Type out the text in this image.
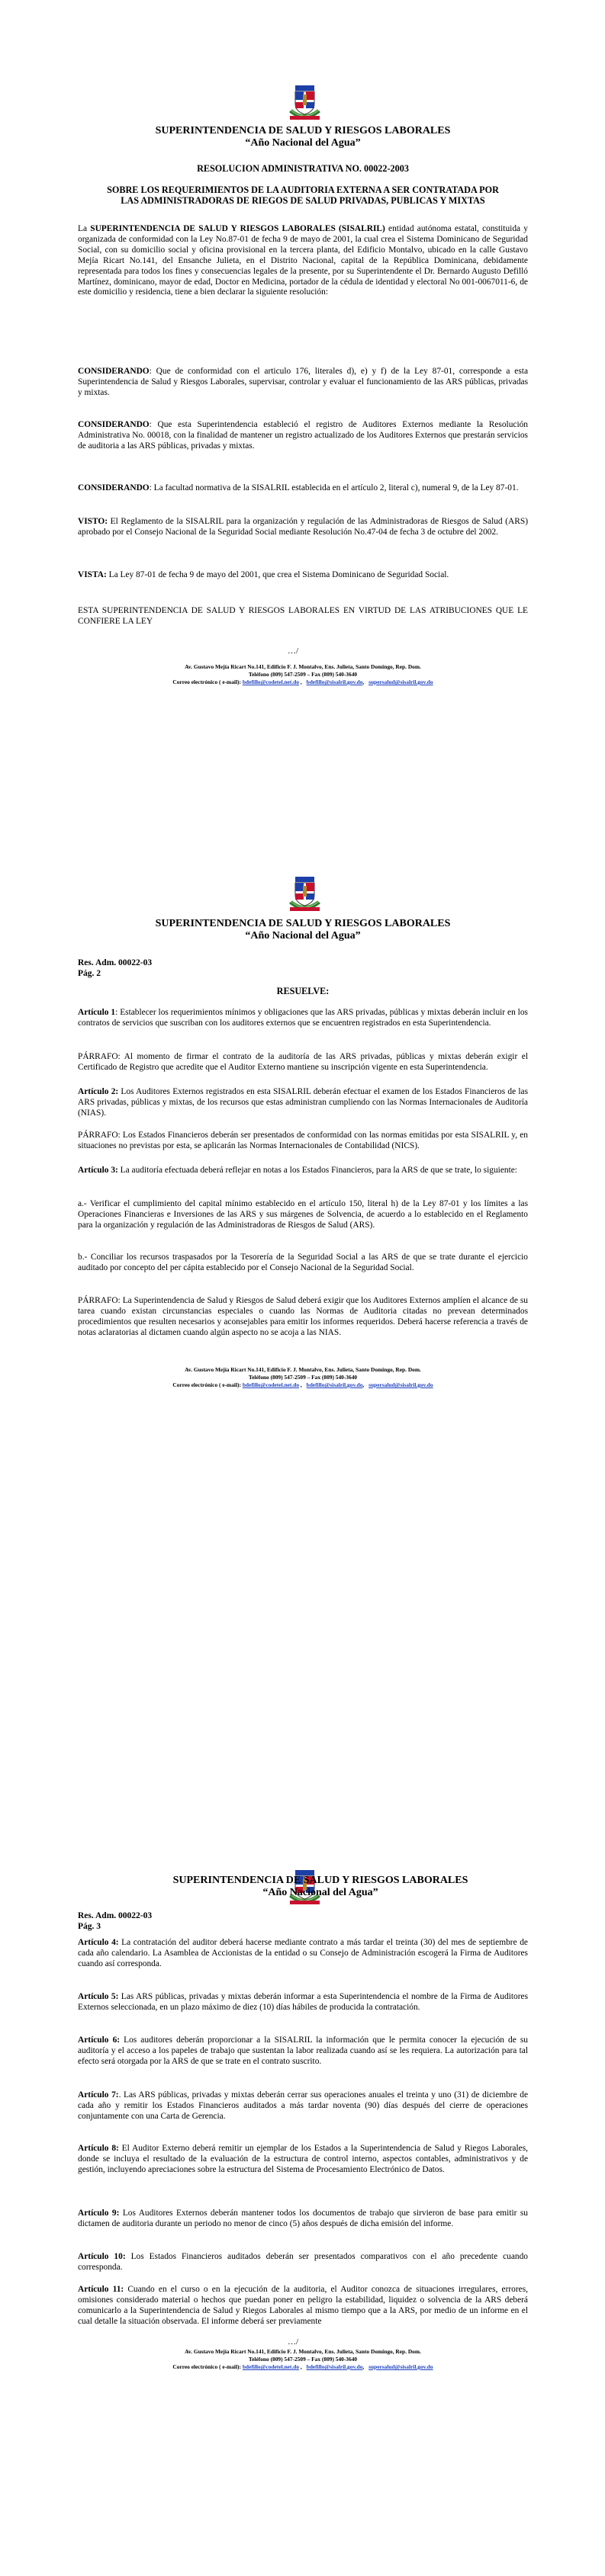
SUPERINTENDENCIA DE SALUD Y RIESGOS LABORALES
“Año Nacional del Agua”
RESOLUCION ADMINISTRATIVA NO. 00022-2003
SOBRE LOS REQUERIMIENTOS DE LA AUDITORIA EXTERNA A SER CONTRATADA POR LAS ADMINISTRADORAS DE RIEGOS DE SALUD PRIVADAS, PUBLICAS Y MIXTAS

La SUPERINTENDENCIA DE SALUD Y RIESGOS LABORALES (SISALRIL) entidad autónoma estatal, constituida y organizada de conformidad con la Ley No.87-01 de fecha 9 de mayo de 2001, la cual crea el Sistema Dominicano de Seguridad Social, con su domicilio social y oficina provisional en la tercera planta, del Edificio Montalvo, ubicado en la calle Gustavo Mejía Ricart No.141, del Ensanche Julieta, en el Distrito Nacional, capital de la República Dominicana, debidamente representada para todos los fines y consecuencias legales de la presente, por su Superintendente el Dr. Bernardo Augusto Defilló Martínez, dominicano, mayor de edad, Doctor en Medicina, portador de la cédula de identidad y electoral No 001-0067011-6, de este domicilio y residencia, tiene a bien declarar la siguiente resolución:

CONSIDERANDO: Que de conformidad con el articulo 176, literales d), e) y f) de la Ley 87-01, corresponde a esta Superintendencia de Salud y Riesgos Laborales, supervisar, controlar y evaluar el funcionamiento de las ARS públicas, privadas y mixtas.

CONSIDERANDO: Que esta Superintendencia estableció el registro de Auditores Externos mediante la Resolución Administrativa No. 00018, con la finalidad de mantener un registro actualizado de los Auditores Externos que prestarán servicios de auditoria a las ARS públicas, privadas y mixtas.

CONSIDERANDO: La facultad normativa de la SISALRIL establecida en el artículo 2, literal c), numeral 9, de la Ley 87-01.

VISTO: El Reglamento de la SISALRIL para la organización y regulación de las Administradoras de Riesgos de Salud (ARS) aprobado por el Consejo Nacional de la Seguridad Social mediante Resolución No.47-04 de fecha 3 de octubre del 2002.

VISTA: La Ley 87-01 de fecha 9 de mayo del 2001, que crea el Sistema Dominicano de Seguridad Social.

ESTA SUPERINTENDENCIA DE SALUD Y RIESGOS LABORALES EN VIRTUD DE LAS ATRIBUCIONES QUE LE CONFIERE LA LEY

…/
Av. Gustavo Mejía Ricart No.141, Edificio F. J. Montalvo, Ens. Julieta, Santo Domingo, Rep. Dom.
Teléfono (809) 547-2509 – Fax (809) 540-3640
Correo electrónico ( e-mail): bdefillo@codetel.net.do , bdefillo@sisalril.gov.do, supersalud@sisalril.gov.do
SUPERINTENDENCIA DE SALUD Y RIESGOS LABORALES
“Año Nacional del Agua”
Res. Adm. 00022-03
Pág. 2
RESUELVE:

Artículo 1: Establecer los requerimientos mínimos y obligaciones que las ARS privadas, públicas y mixtas deberán incluir en los contratos de servicios que suscriban con los auditores externos que se encuentren registrados en esta Superintendencia.

PÁRRAFO: Al momento de firmar el contrato de la auditoría de las ARS privadas, públicas y mixtas deberán exigir el Certificado de Registro que acredite que el Auditor Externo mantiene su inscripción vigente en esta Superintendencia.

Artículo 2: Los Auditores Externos registrados en esta SISALRIL deberán efectuar el examen de los Estados Financieros de las ARS privadas, públicas y mixtas, de los recursos que estas administran cumpliendo con las Normas Internacionales de Auditoría (NIAS).

PÁRRAFO: Los Estados Financieros deberán ser presentados de conformidad con las normas emitidas por esta SISALRIL y, en situaciones no previstas por esta, se aplicarán las Normas Internacionales de Contabilidad (NICS).

Artículo 3: La auditoría efectuada deberá reflejar en notas a los Estados Financieros, para la ARS de que se trate, lo siguiente:

a.- Verificar el cumplimiento del capital mínimo establecido en el artículo 150, literal h) de la Ley 87-01 y los límites a las Operaciones Financieras e Inversiones de las ARS y sus márgenes de Solvencia, de acuerdo a lo establecido en el Reglamento para la organización y regulación de las Administradoras de Riesgos de Salud (ARS).

b.- Conciliar los recursos traspasados por la Tesorería de la Seguridad Social a las ARS de que se trate durante el ejercicio auditado por concepto del per cápita establecido por el Consejo Nacional de la Seguridad Social.

PÁRRAFO: La Superintendencia de Salud y Riesgos de Salud deberá exigir que los Auditores Externos amplíen el alcance de su tarea cuando existan circunstancias especiales o cuando las Normas de Auditoria citadas no prevean determinados procedimientos que resulten necesarios y aconsejables para emitir los informes requeridos. Deberá hacerse referencia a través de notas aclaratorias al dictamen cuando algún aspecto no se acoja a las NIAS.

Av. Gustavo Mejía Ricart No.141, Edificio F. J. Montalvo, Ens. Julieta, Santo Domingo, Rep. Dom.
Teléfono (809) 547-2509 – Fax (809) 540-3640
Correo electrónico ( e-mail): bdefillo@codetel.net.do , bdefillo@sisalril.gov.do, supersalud@sisalril.gov.do
SUPERINTENDENCIA DE SALUD Y RIESGOS LABORALES
“Año Nacional del Agua”
Res. Adm. 00022-03
Pág. 3

Artículo 4: La contratación del auditor deberá hacerse mediante contrato a más tardar el treinta (30) del mes de septiembre de cada año calendario. La Asamblea de Accionistas de la entidad o su Consejo de Administración escogerá la Firma de Auditores cuando así corresponda.

Artículo 5: Las ARS públicas, privadas y mixtas deberán informar a esta Superintendencia el nombre de la Firma de Auditores Externos seleccionada, en un plazo máximo de diez (10) días hábiles de producida la contratación.

Artículo 6: Los auditores deberán proporcionar a la SISALRIL la información que le permita conocer la ejecución de su auditoría y el acceso a los papeles de trabajo que sustentan la labor realizada cuando así se les requiera. La autorización para tal efecto será otorgada por la ARS de que se trate en el contrato suscrito.

Artículo 7:. Las ARS públicas, privadas y mixtas deberán cerrar sus operaciones anuales el treinta y uno (31) de diciembre de cada año y remitir los Estados Financieros auditados a más tardar noventa (90) días después del cierre de operaciones conjuntamente con una Carta de Gerencia.

Artículo 8: El Auditor Externo deberá remitir un ejemplar de los Estados a la Superintendencia de Salud y Riegos Laborales, donde se incluya el resultado de la evaluación de la estructura de control interno, aspectos contables, administrativos y de gestión, incluyendo apreciaciones sobre la estructura del Sistema de Procesamiento Electrónico de Datos.

Artículo 9: Los Auditores Externos deberán mantener todos los documentos de trabajo que sirvieron de base para emitir su dictamen de auditoria durante un periodo no menor de cinco (5) años después de dicha emisión del informe.

Artículo 10: Los Estados Financieros auditados deberán ser presentados comparativos con el año precedente cuando corresponda.

Artículo 11: Cuando en el curso o en la ejecución de la auditoria, el Auditor conozca de situaciones irregulares, errores, omisiones considerado material o hechos que puedan poner en peligro la estabilidad, liquidez o solvencia de la ARS deberá comunicarlo a la Superintendencia de Salud y Riegos Laborales al mismo tiempo que a la ARS, por medio de un informe en el cual detalle la situación observada. El informe deberá ser previamente

…/
Av. Gustavo Mejía Ricart No.141, Edificio F. J. Montalvo, Ens. Julieta, Santo Domingo, Rep. Dom.
Teléfono (809) 547-2509 – Fax (809) 540-3640
Correo electrónico ( e-mail): bdefillo@codetel.net.do , bdefillo@sisalril.gov.do, supersalud@sisalril.gov.do
